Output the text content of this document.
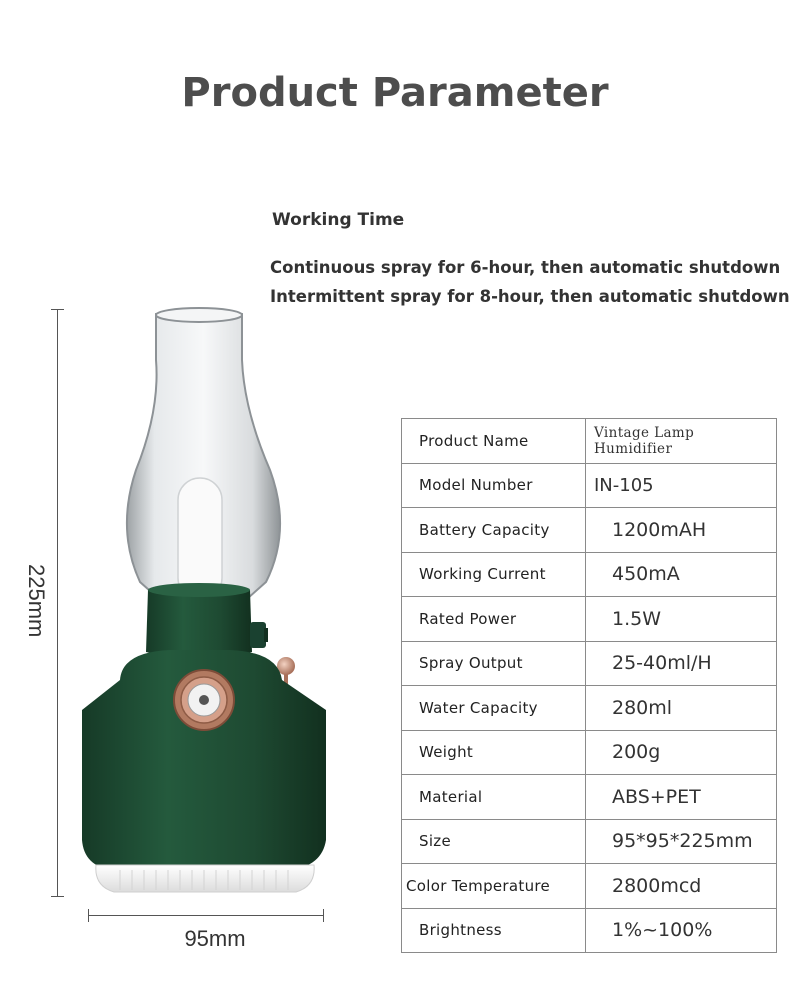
Product Parameter
Working Time
Continuous spray for 6-hour, then automatic shutdown
Intermittent spray for 8-hour, then automatic shutdown
225mm
95mm
Product Name	Vintage Lamp Humidifier
Model Number	IN-105
Battery Capacity	1200mAH
Working Current	450mA
Rated Power	1.5W
Spray Output	25-40ml/H
Water Capacity	280ml
Weight	200g
Material	ABS+PET
Size	95*95*225mm
Color Temperature	2800mcd
Brightness	1%~100%
